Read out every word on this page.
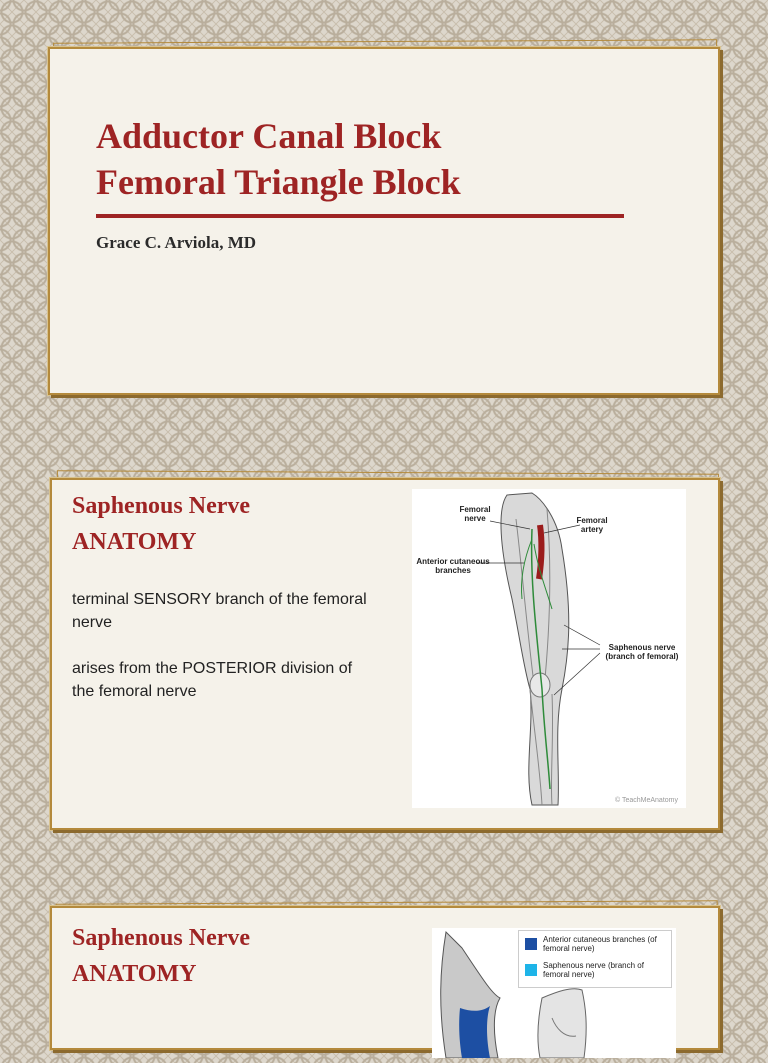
Adductor Canal Block
Femoral Triangle Block
Grace C. Arviola, MD
Saphenous Nerve
ANATOMY

terminal SENSORY branch of the femoral nerve

arises from the POSTERIOR division of the femoral nerve

Femoral nerve	Femoral artery
Anterior cutaneous branches
Saphenous nerve (branch of femoral)
© TeachMeAnatomy
Saphenous Nerve
ANATOMY
Anterior cutaneous branches (of femoral nerve)
Saphenous nerve (branch of femoral nerve)
